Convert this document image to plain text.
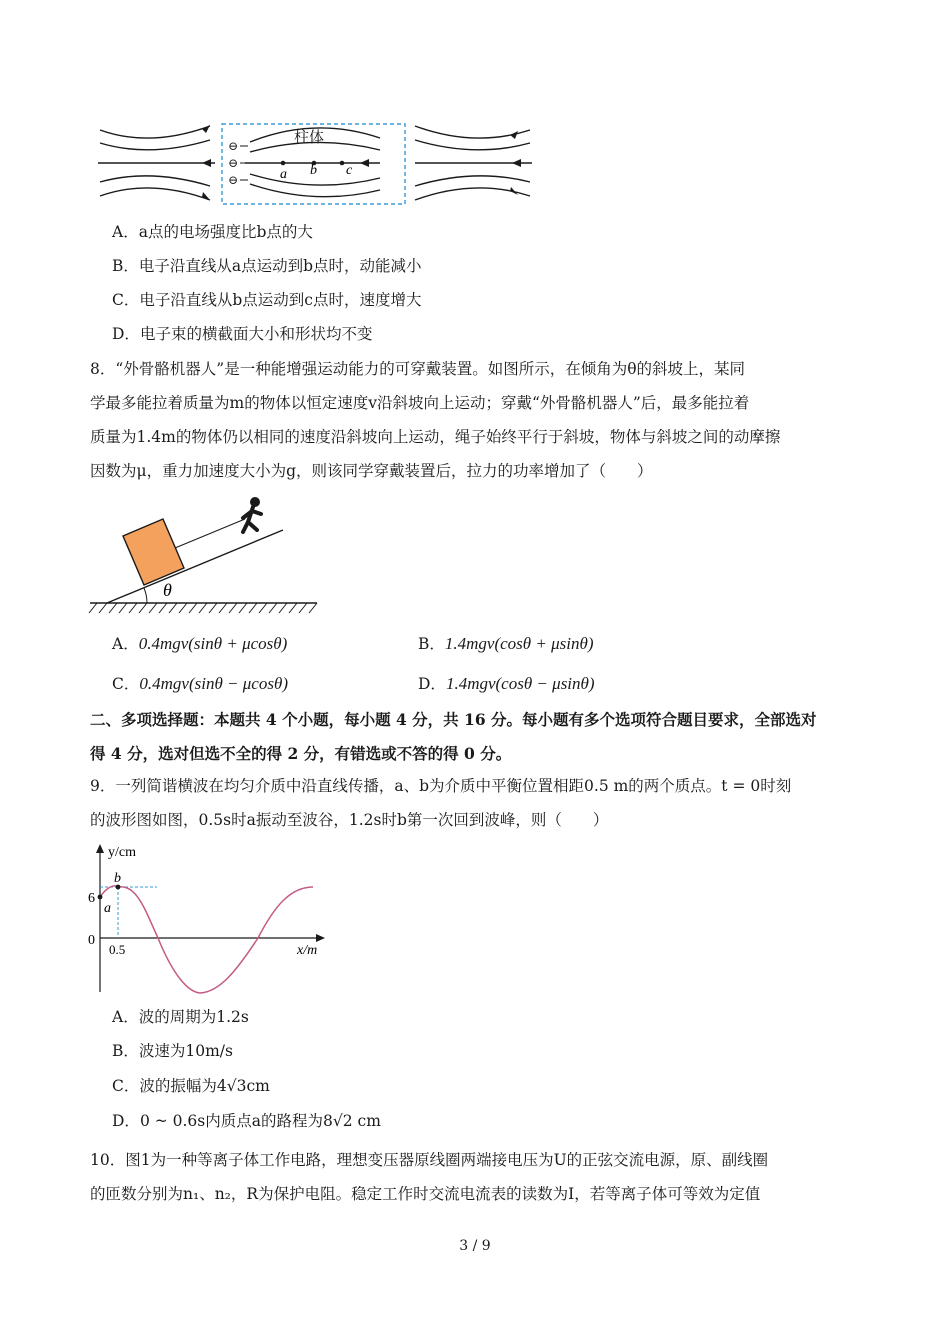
柱体
⊖
⊖
⊖	a b c
A．a点的电场强度比b点的大
B．电子沿直线从a点运动到b点时，动能减小
C．电子沿直线从b点运动到c点时，速度增大
D．电子束的横截面大小和形状均不变
8．“外骨骼机器人”是一种能增强运动能力的可穿戴装置。如图所示，在倾角为θ的斜坡上，某同
学最多能拉着质量为m的物体以恒定速度v沿斜坡向上运动；穿戴“外骨骼机器人”后，最多能拉着
质量为1.4m的物体仍以相同的速度沿斜坡向上运动，绳子始终平行于斜坡，物体与斜坡之间的动摩擦
因数为μ，重力加速度大小为g，则该同学穿戴装置后，拉力的功率增加了（　　）
θ
A．0.4mgv(sinθ + μcosθ)	B．1.4mgv(cosθ + μsinθ)
C．0.4mgv(sinθ − μcosθ)	D．1.4mgv(cosθ − μsinθ)
二、多项选择题：本题共 4 个小题，每小题 4 分，共 16 分。每小题有多个选项符合题目要求，全部选对
得 4 分，选对但选不全的得 2 分，有错选或不答的得 0 分。
9．一列简谐横波在均匀介质中沿直线传播，a、b为介质中平衡位置相距0.5 m的两个质点。t = 0时刻
的波形图如图，0.5s时a振动至波谷，1.2s时b第一次回到波峰，则（　　）
y/cm
x/m
6
0
0.5
a
b
A．波的周期为1.2s
B．波速为10m/s
C．波的振幅为4√3cm
D．0 ~ 0.6s内质点a的路程为8√2 cm
10．图1为一种等离子体工作电路，理想变压器原线圈两端接电压为U的正弦交流电源，原、副线圈
的匝数分别为n₁、n₂，R为保护电阻。稳定工作时交流电流表的读数为I，若等离子体可等效为定值
3 / 9
